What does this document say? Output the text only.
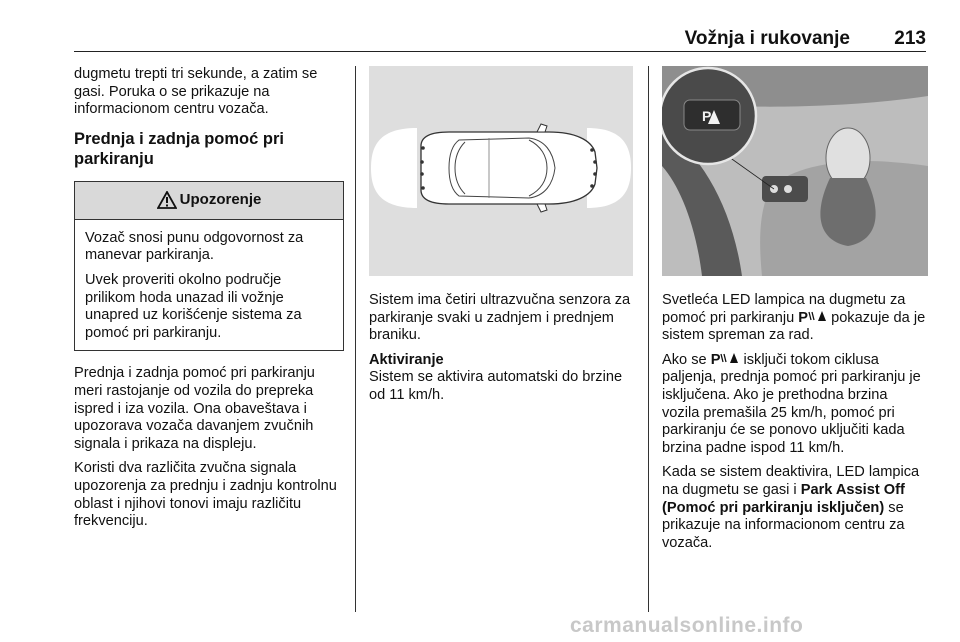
Vožnja i rukovanje 213

dugmetu trepti tri sekunde, a zatim se gasi. Poruka o se prikazuje na informacionom centru vozača.

Prednja i zadnja pomoć pri parkiranju
Upozorenje

Vozač snosi punu odgovornost za manevar parkiranja.

Uvek proveriti okolno područje prilikom hoda unazad ili vožnje unapred uz korišćenje sistema za pomoć pri parkiranju.

Prednja i zadnja pomoć pri parkiranju meri rastojanje od vozila do prepreka ispred i iza vozila. Ona obaveštava i upozorava vozača davanjem zvučnih signala i prikaza na displeju.

Koristi dva različita zvučna signala upozorenja za prednju i zadnju kontrolnu oblast i njihovi tonovi imaju različitu frekvenciju.

Sistem ima četiri ultrazvučna senzora za parkiranje svaki u zadnjem i prednjem braniku.

Aktiviranje

Sistem se aktivira automatski do brzine od 11 km/h.

P

Svetleća LED lampica na dugmetu za pomoć pri parkiranju P pokazuje da je sistem spreman za rad.

Ako se P isključi tokom ciklusa paljenja, prednja pomoć pri parkiranju je isključena. Ako je prethodna brzina vozila premašila 25 km/h, pomoć pri parkiranju će se ponovo uključiti kada brzina padne ispod 11 km/h.

Kada se sistem deaktivira, LED lampica na dugmetu se gasi i Park Assist Off (Pomoć pri parkiranju isključen) se prikazuje na informacionom centru za vozača.

carmanualsonline.info
